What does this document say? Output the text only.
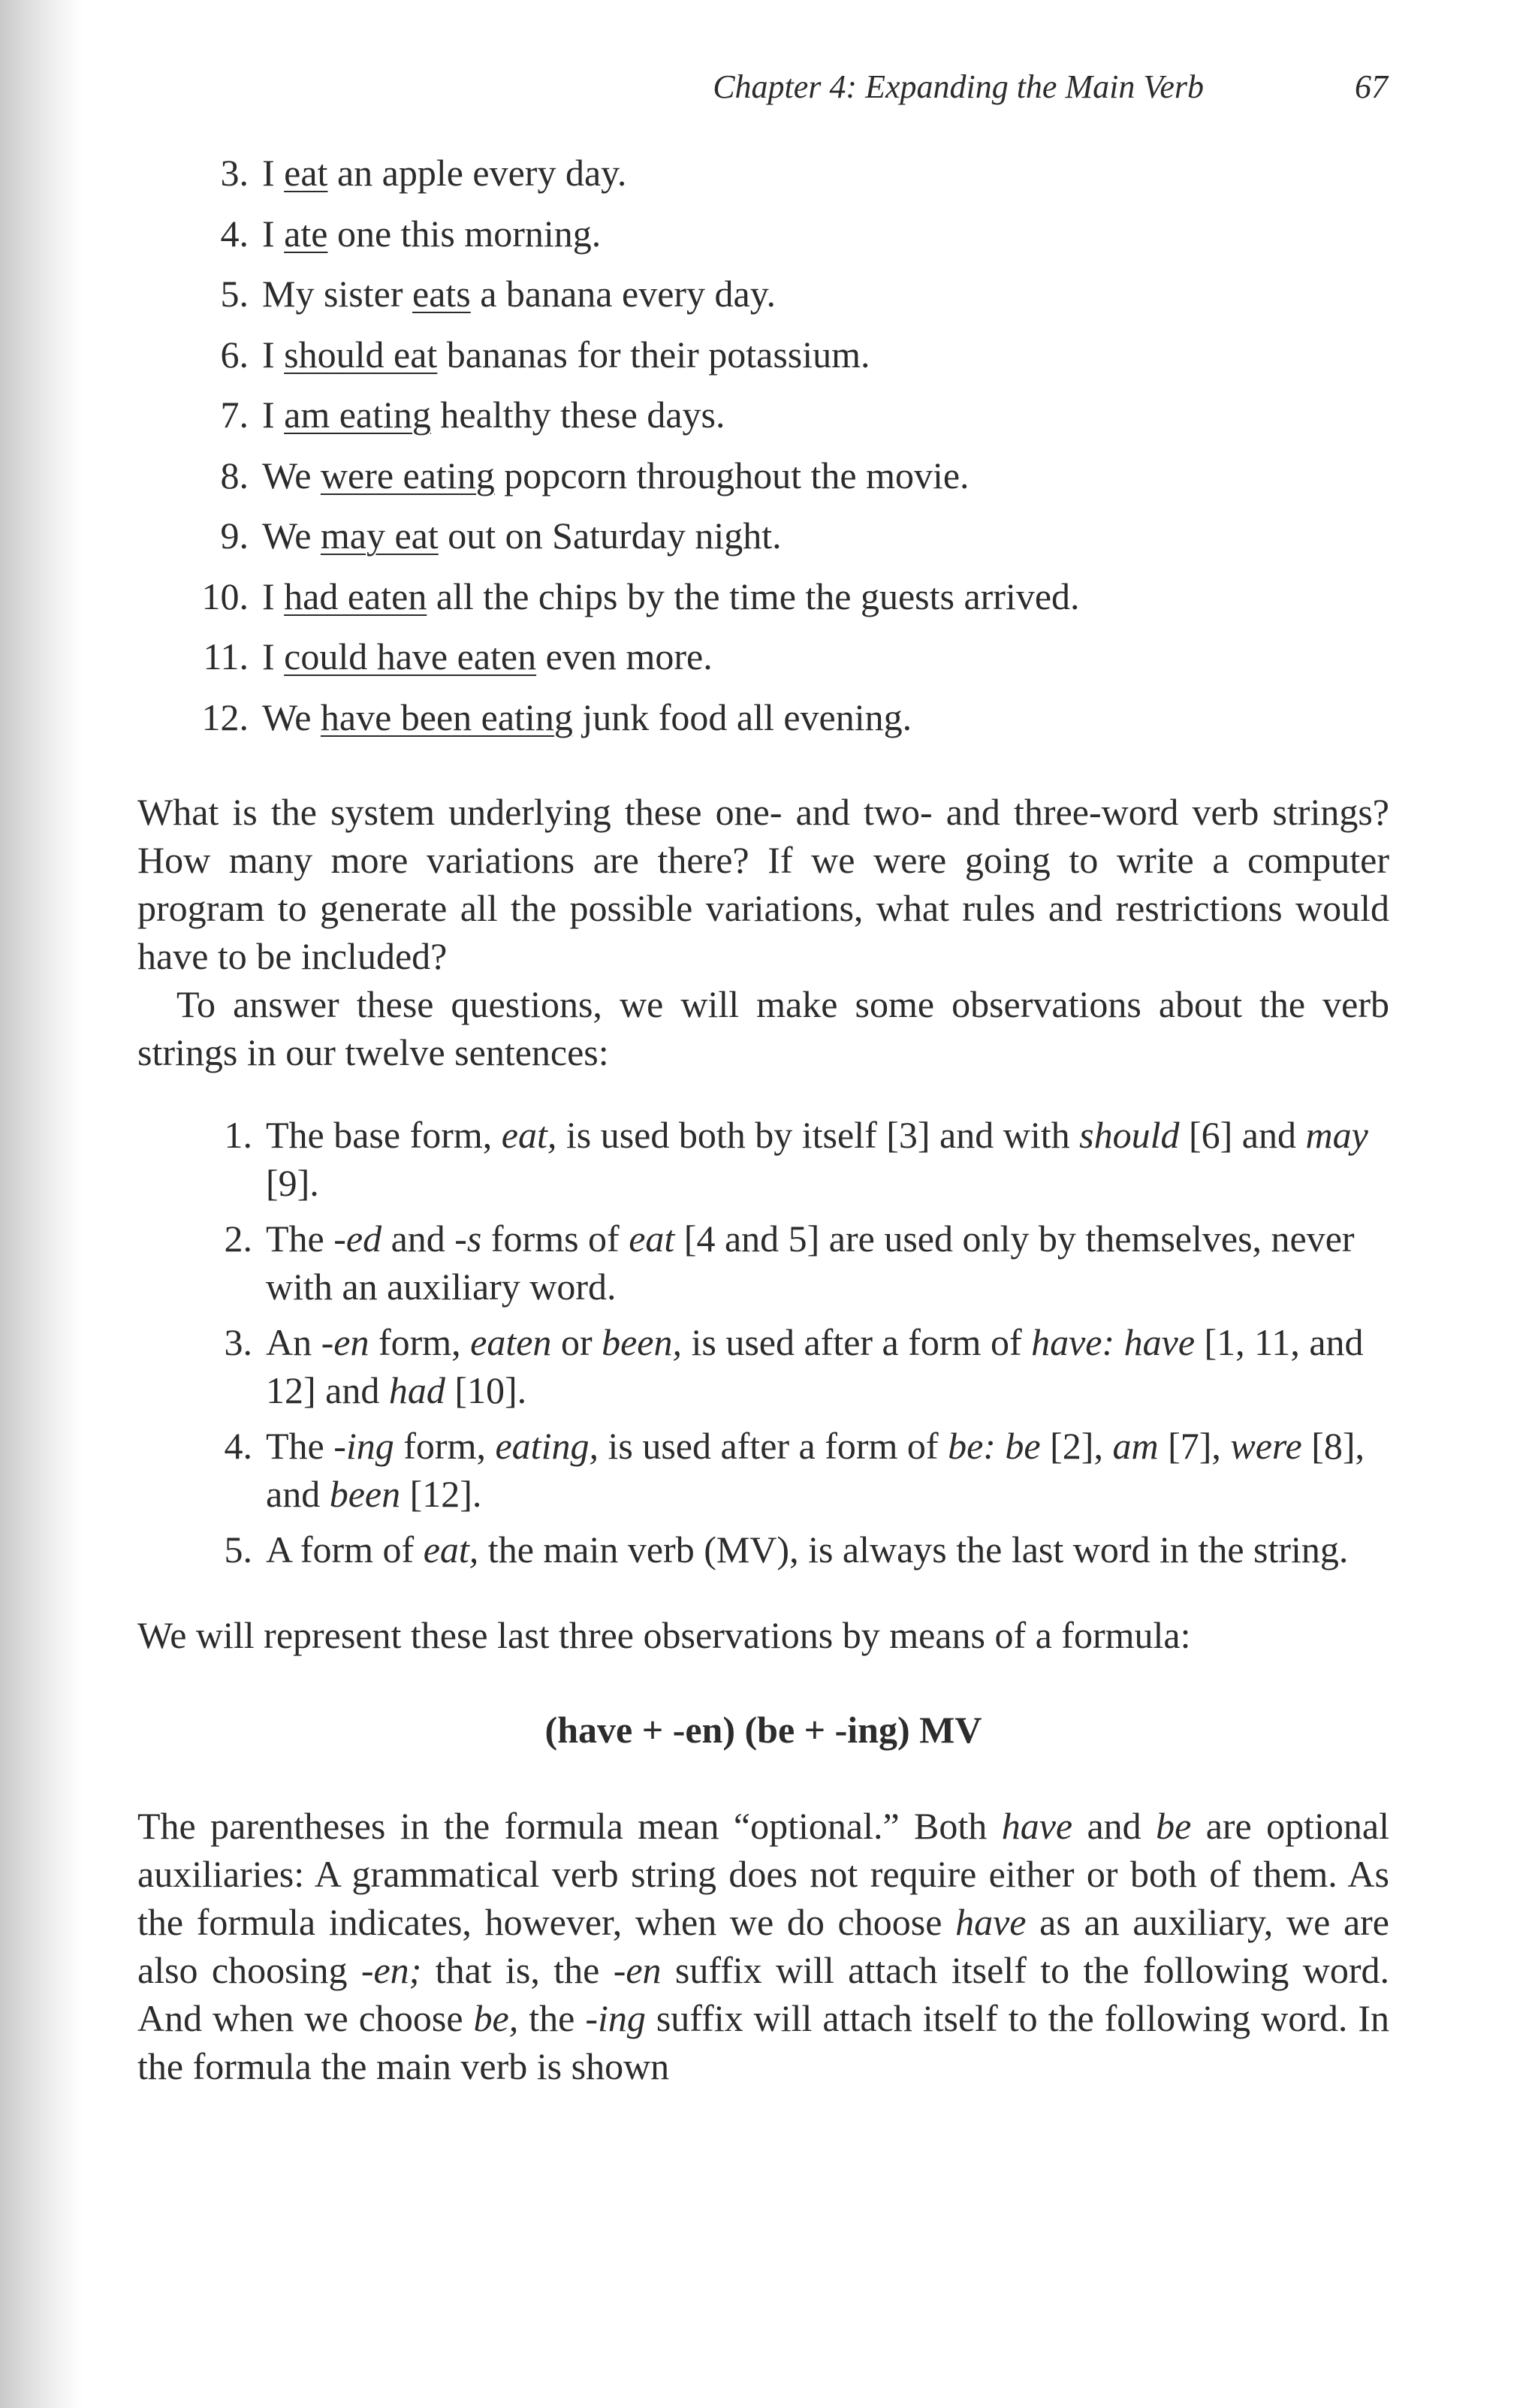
Chapter 4: Expanding the Main Verb	67
3. I eat an apple every day.
4. I ate one this morning.
5. My sister eats a banana every day.
6. I should eat bananas for their potassium.
7. I am eating healthy these days.
8. We were eating popcorn throughout the movie.
9. We may eat out on Saturday night.
10. I had eaten all the chips by the time the guests arrived.
11. I could have eaten even more.
12. We have been eating junk food all evening.

What is the system underlying these one- and two- and three-word verb strings? How many more variations are there? If we were going to write a computer program to generate all the possible variations, what rules and restrictions would have to be included?

To answer these questions, we will make some observations about the verb strings in our twelve sentences:

1. The base form, eat, is used both by itself [3] and with should [6] and may [9].
2. The -ed and -s forms of eat [4 and 5] are used only by themselves, never with an auxiliary word.
3. An -en form, eaten or been, is used after a form of have: have [1, 11, and 12] and had [10].
4. The -ing form, eating, is used after a form of be: be [2], am [7], were [8], and been [12].
5. A form of eat, the main verb (MV), is always the last word in the string.

We will represent these last three observations by means of a formula:

(have + -en) (be + -ing) MV

The parentheses in the formula mean “optional.” Both have and be are optional auxiliaries: A grammatical verb string does not require either or both of them. As the formula indicates, however, when we do choose have as an auxiliary, we are also choosing -en; that is, the -en suffix will attach itself to the following word. And when we choose be, the -ing suffix will attach itself to the following word. In the formula the main verb is shown
